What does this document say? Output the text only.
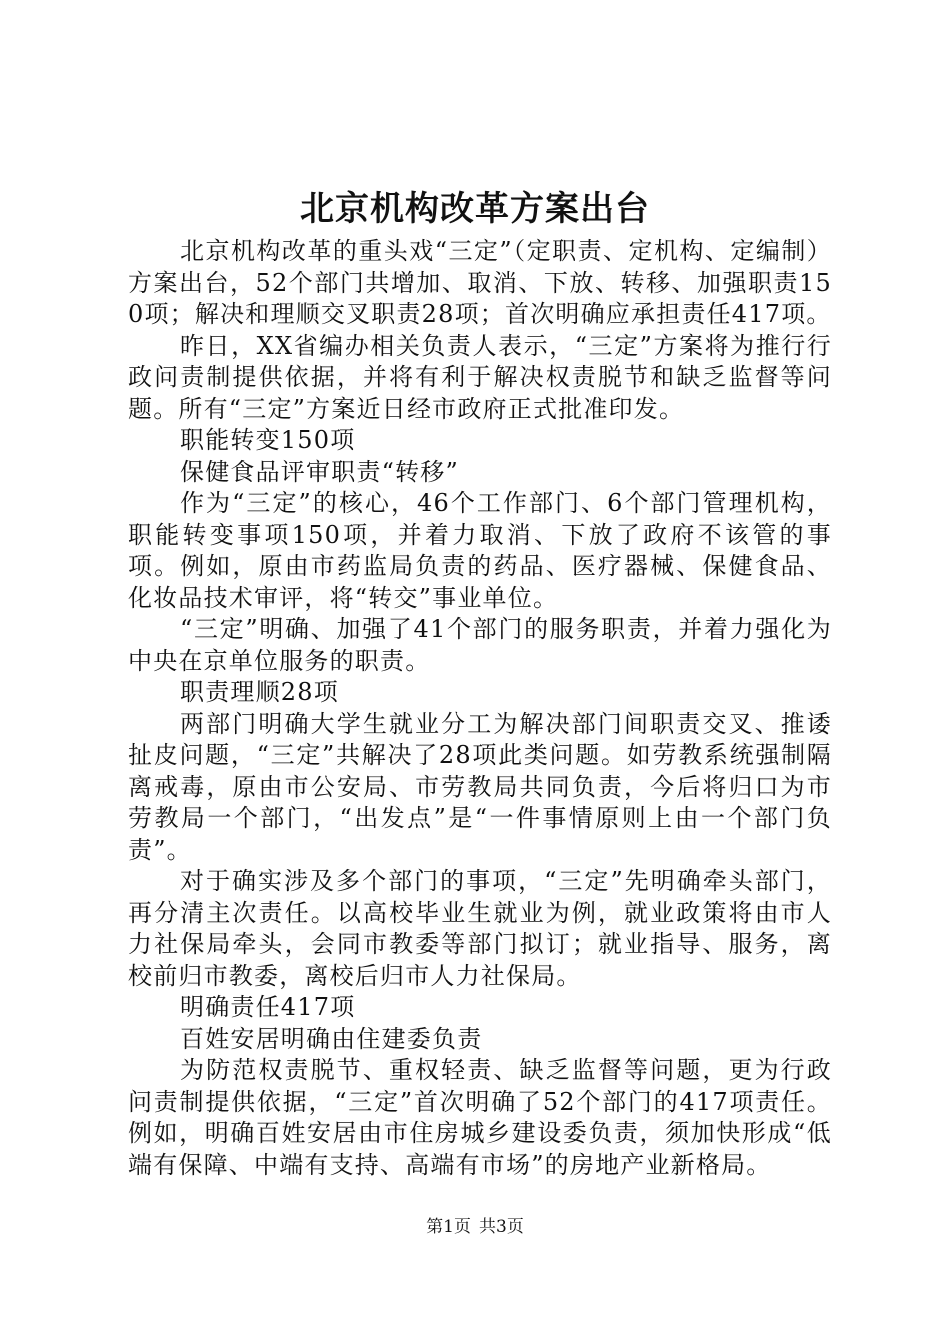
北京机构改革方案出台

北京机构改革的重头戏“三定”（定职责、定机构、定编制）方案出台，52个部门共增加、取消、下放、转移、加强职责150项；解决和理顺交叉职责28项；首次明确应承担责任417项。

昨日，XX省编办相关负责人表示，“三定”方案将为推行行政问责制提供依据，并将有利于解决权责脱节和缺乏监督等问题。所有“三定”方案近日经市政府正式批准印发。

职能转变150项

保健食品评审职责“转移”

作为“三定”的核心，46个工作部门、6个部门管理机构，职能转变事项150项，并着力取消、下放了政府不该管的事项。例如，原由市药监局负责的药品、医疗器械、保健食品、化妆品技术审评，将“转交”事业单位。

“三定”明确、加强了41个部门的服务职责，并着力强化为中央在京单位服务的职责。

职责理顺28项

两部门明确大学生就业分工为解决部门间职责交叉、推诿扯皮问题，“三定”共解决了28项此类问题。如劳教系统强制隔离戒毒，原由市公安局、市劳教局共同负责，今后将归口为市劳教局一个部门，“出发点”是“一件事情原则上由一个部门负责”。

对于确实涉及多个部门的事项，“三定”先明确牵头部门，再分清主次责任。以高校毕业生就业为例，就业政策将由市人力社保局牵头，会同市教委等部门拟订；就业指导、服务，离校前归市教委，离校后归市人力社保局。

明确责任417项

百姓安居明确由住建委负责

为防范权责脱节、重权轻责、缺乏监督等问题，更为行政问责制提供依据，“三定”首次明确了52个部门的417项责任。例如，明确百姓安居由市住房城乡建设委负责，须加快形成“低端有保障、中端有支持、高端有市场”的房地产业新格局。

第1页 共3页
